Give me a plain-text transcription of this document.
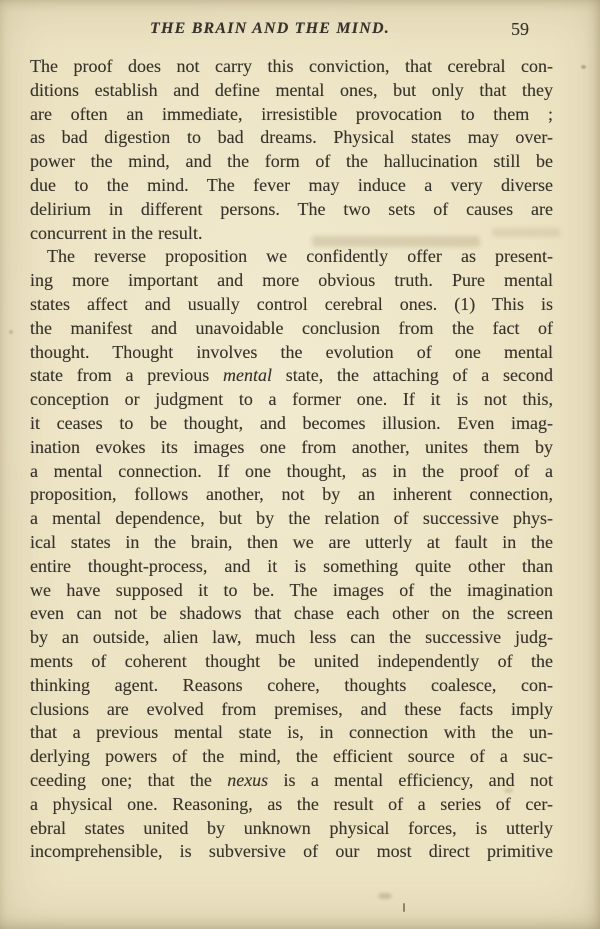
THE BRAIN AND THE MIND.	59
The proof does not carry this conviction, that cerebral con-
ditions establish and define mental ones, but only that they
are often an immediate, irresistible provocation to them ;
as bad digestion to bad dreams. Physical states may over-
power the mind, and the form of the hallucination still be
due to the mind. The fever may induce a very diverse
delirium in different persons. The two sets of causes are
concurrent in the result.
The reverse proposition we confidently offer as present-
ing more important and more obvious truth. Pure mental
states affect and usually control cerebral ones. (1) This is
the manifest and unavoidable conclusion from the fact of
thought. Thought involves the evolution of one mental
state from a previous mental state, the attaching of a second
conception or judgment to a former one. If it is not this,
it ceases to be thought, and becomes illusion. Even imag-
ination evokes its images one from another, unites them by
a mental connection. If one thought, as in the proof of a
proposition, follows another, not by an inherent connection,
a mental dependence, but by the relation of successive phys-
ical states in the brain, then we are utterly at fault in the
entire thought-process, and it is something quite other than
we have supposed it to be. The images of the imagination
even can not be shadows that chase each other on the screen
by an outside, alien law, much less can the successive judg-
ments of coherent thought be united independently of the
thinking agent. Reasons cohere, thoughts coalesce, con-
clusions are evolved from premises, and these facts imply
that a previous mental state is, in connection with the un-
derlying powers of the mind, the efficient source of a suc-
ceeding one; that the nexus is a mental efficiency, and not
a physical one. Reasoning, as the result of a series of cer-
ebral states united by unknown physical forces, is utterly
incomprehensible, is subversive of our most direct primitive
